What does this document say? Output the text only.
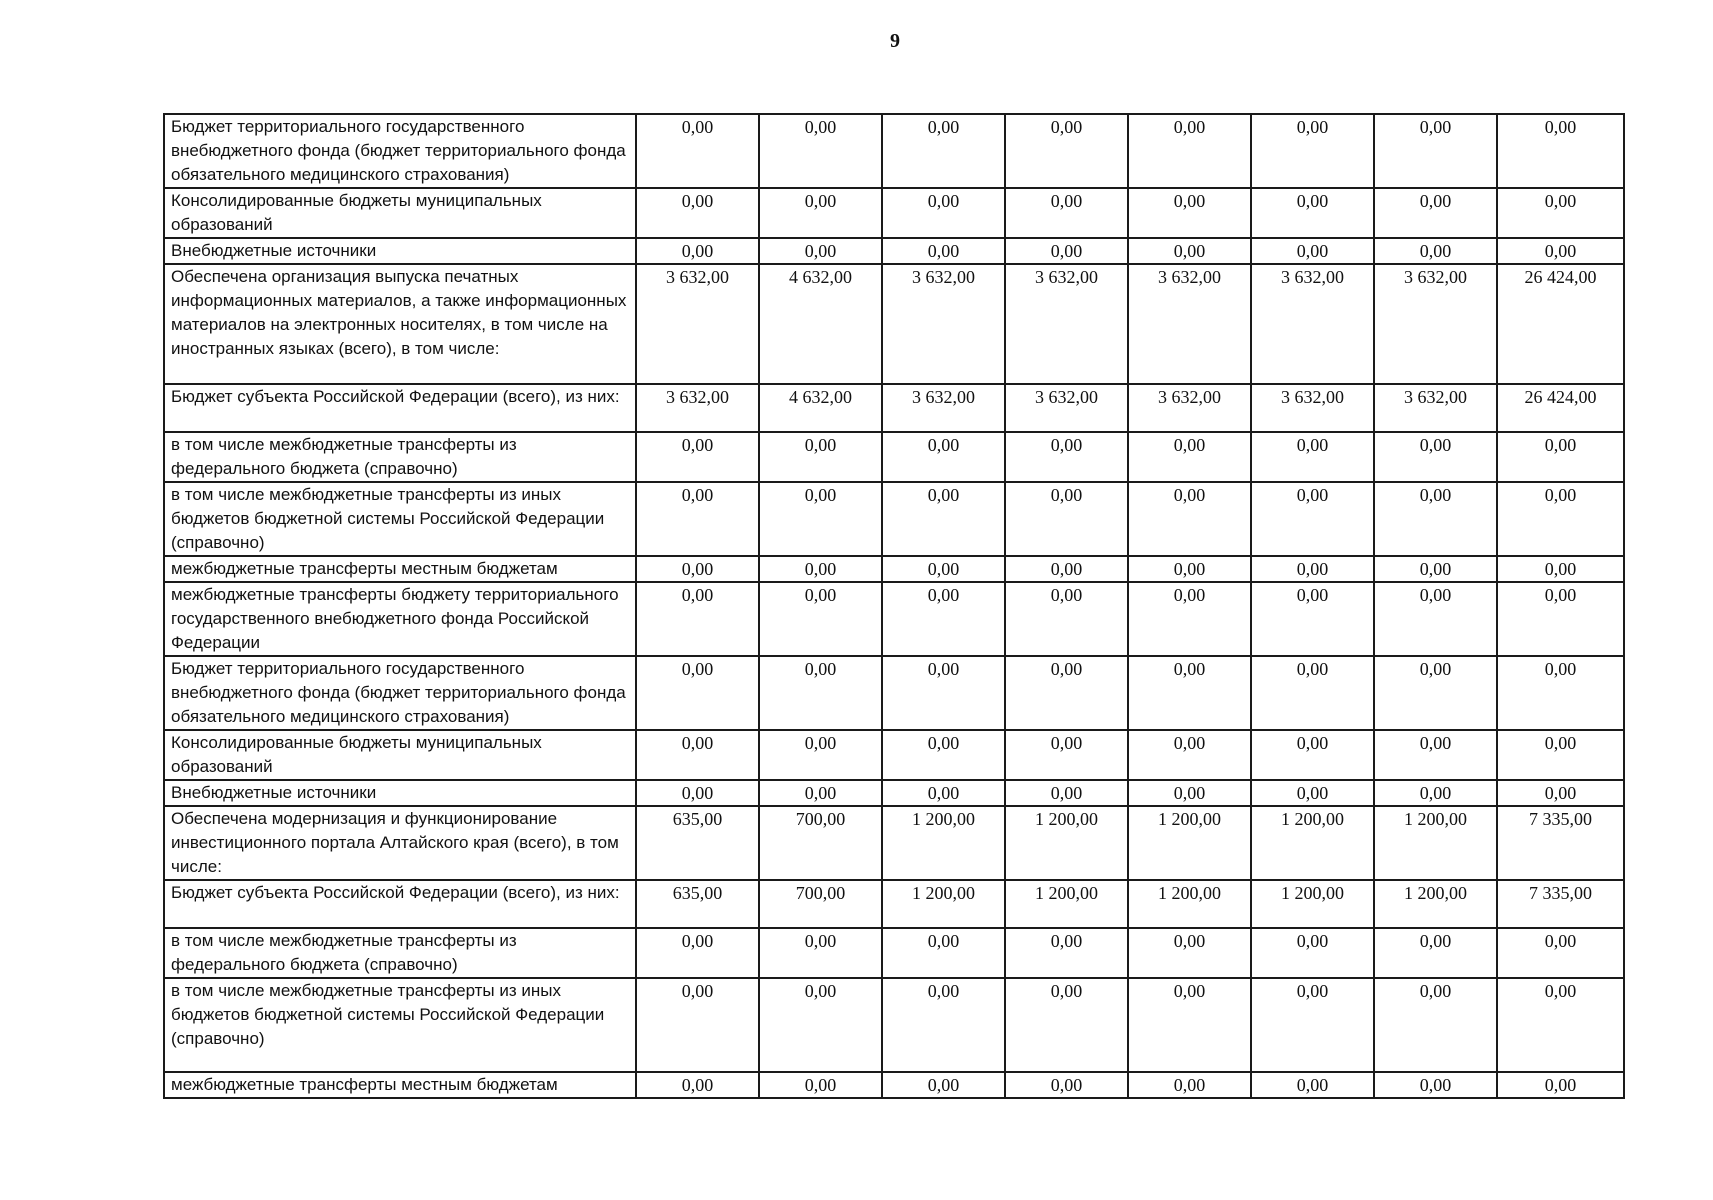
9
Бюджет территориального государственного внебюджетного фонда (бюджет территориального фонда обязательного медицинского страхования)	0,00	0,00	0,00	0,00	0,00	0,00	0,00	0,00
Консолидированные бюджеты муниципальных образований	0,00	0,00	0,00	0,00	0,00	0,00	0,00	0,00
Внебюджетные источники	0,00	0,00	0,00	0,00	0,00	0,00	0,00	0,00
Обеспечена организация выпуска печатных информационных материалов, а также информационных материалов на электронных носителях, в том числе на иностранных языках (всего), в том числе:	3 632,00	4 632,00	3 632,00	3 632,00	3 632,00	3 632,00	3 632,00	26 424,00
Бюджет субъекта Российской Федерации (всего), из них:	3 632,00	4 632,00	3 632,00	3 632,00	3 632,00	3 632,00	3 632,00	26 424,00
в том числе межбюджетные трансферты из федерального бюджета (справочно)	0,00	0,00	0,00	0,00	0,00	0,00	0,00	0,00
в том числе межбюджетные трансферты из иных бюджетов бюджетной системы Российской Федерации (справочно)	0,00	0,00	0,00	0,00	0,00	0,00	0,00	0,00
межбюджетные трансферты местным бюджетам	0,00	0,00	0,00	0,00	0,00	0,00	0,00	0,00
межбюджетные трансферты бюджету территориального государственного внебюджетного фонда Российской Федерации	0,00	0,00	0,00	0,00	0,00	0,00	0,00	0,00
Бюджет территориального государственного внебюджетного фонда (бюджет территориального фонда обязательного медицинского страхования)	0,00	0,00	0,00	0,00	0,00	0,00	0,00	0,00
Консолидированные бюджеты муниципальных образований	0,00	0,00	0,00	0,00	0,00	0,00	0,00	0,00
Внебюджетные источники	0,00	0,00	0,00	0,00	0,00	0,00	0,00	0,00
Обеспечена модернизация и функционирование инвестиционного портала Алтайского края (всего), в том числе:	635,00	700,00	1 200,00	1 200,00	1 200,00	1 200,00	1 200,00	7 335,00
Бюджет субъекта Российской Федерации (всего), из них:	635,00	700,00	1 200,00	1 200,00	1 200,00	1 200,00	1 200,00	7 335,00
в том числе межбюджетные трансферты из федерального бюджета (справочно)	0,00	0,00	0,00	0,00	0,00	0,00	0,00	0,00
в том числе межбюджетные трансферты из иных бюджетов бюджетной системы Российской Федерации (справочно)	0,00	0,00	0,00	0,00	0,00	0,00	0,00	0,00
межбюджетные трансферты местным бюджетам	0,00	0,00	0,00	0,00	0,00	0,00	0,00	0,00
